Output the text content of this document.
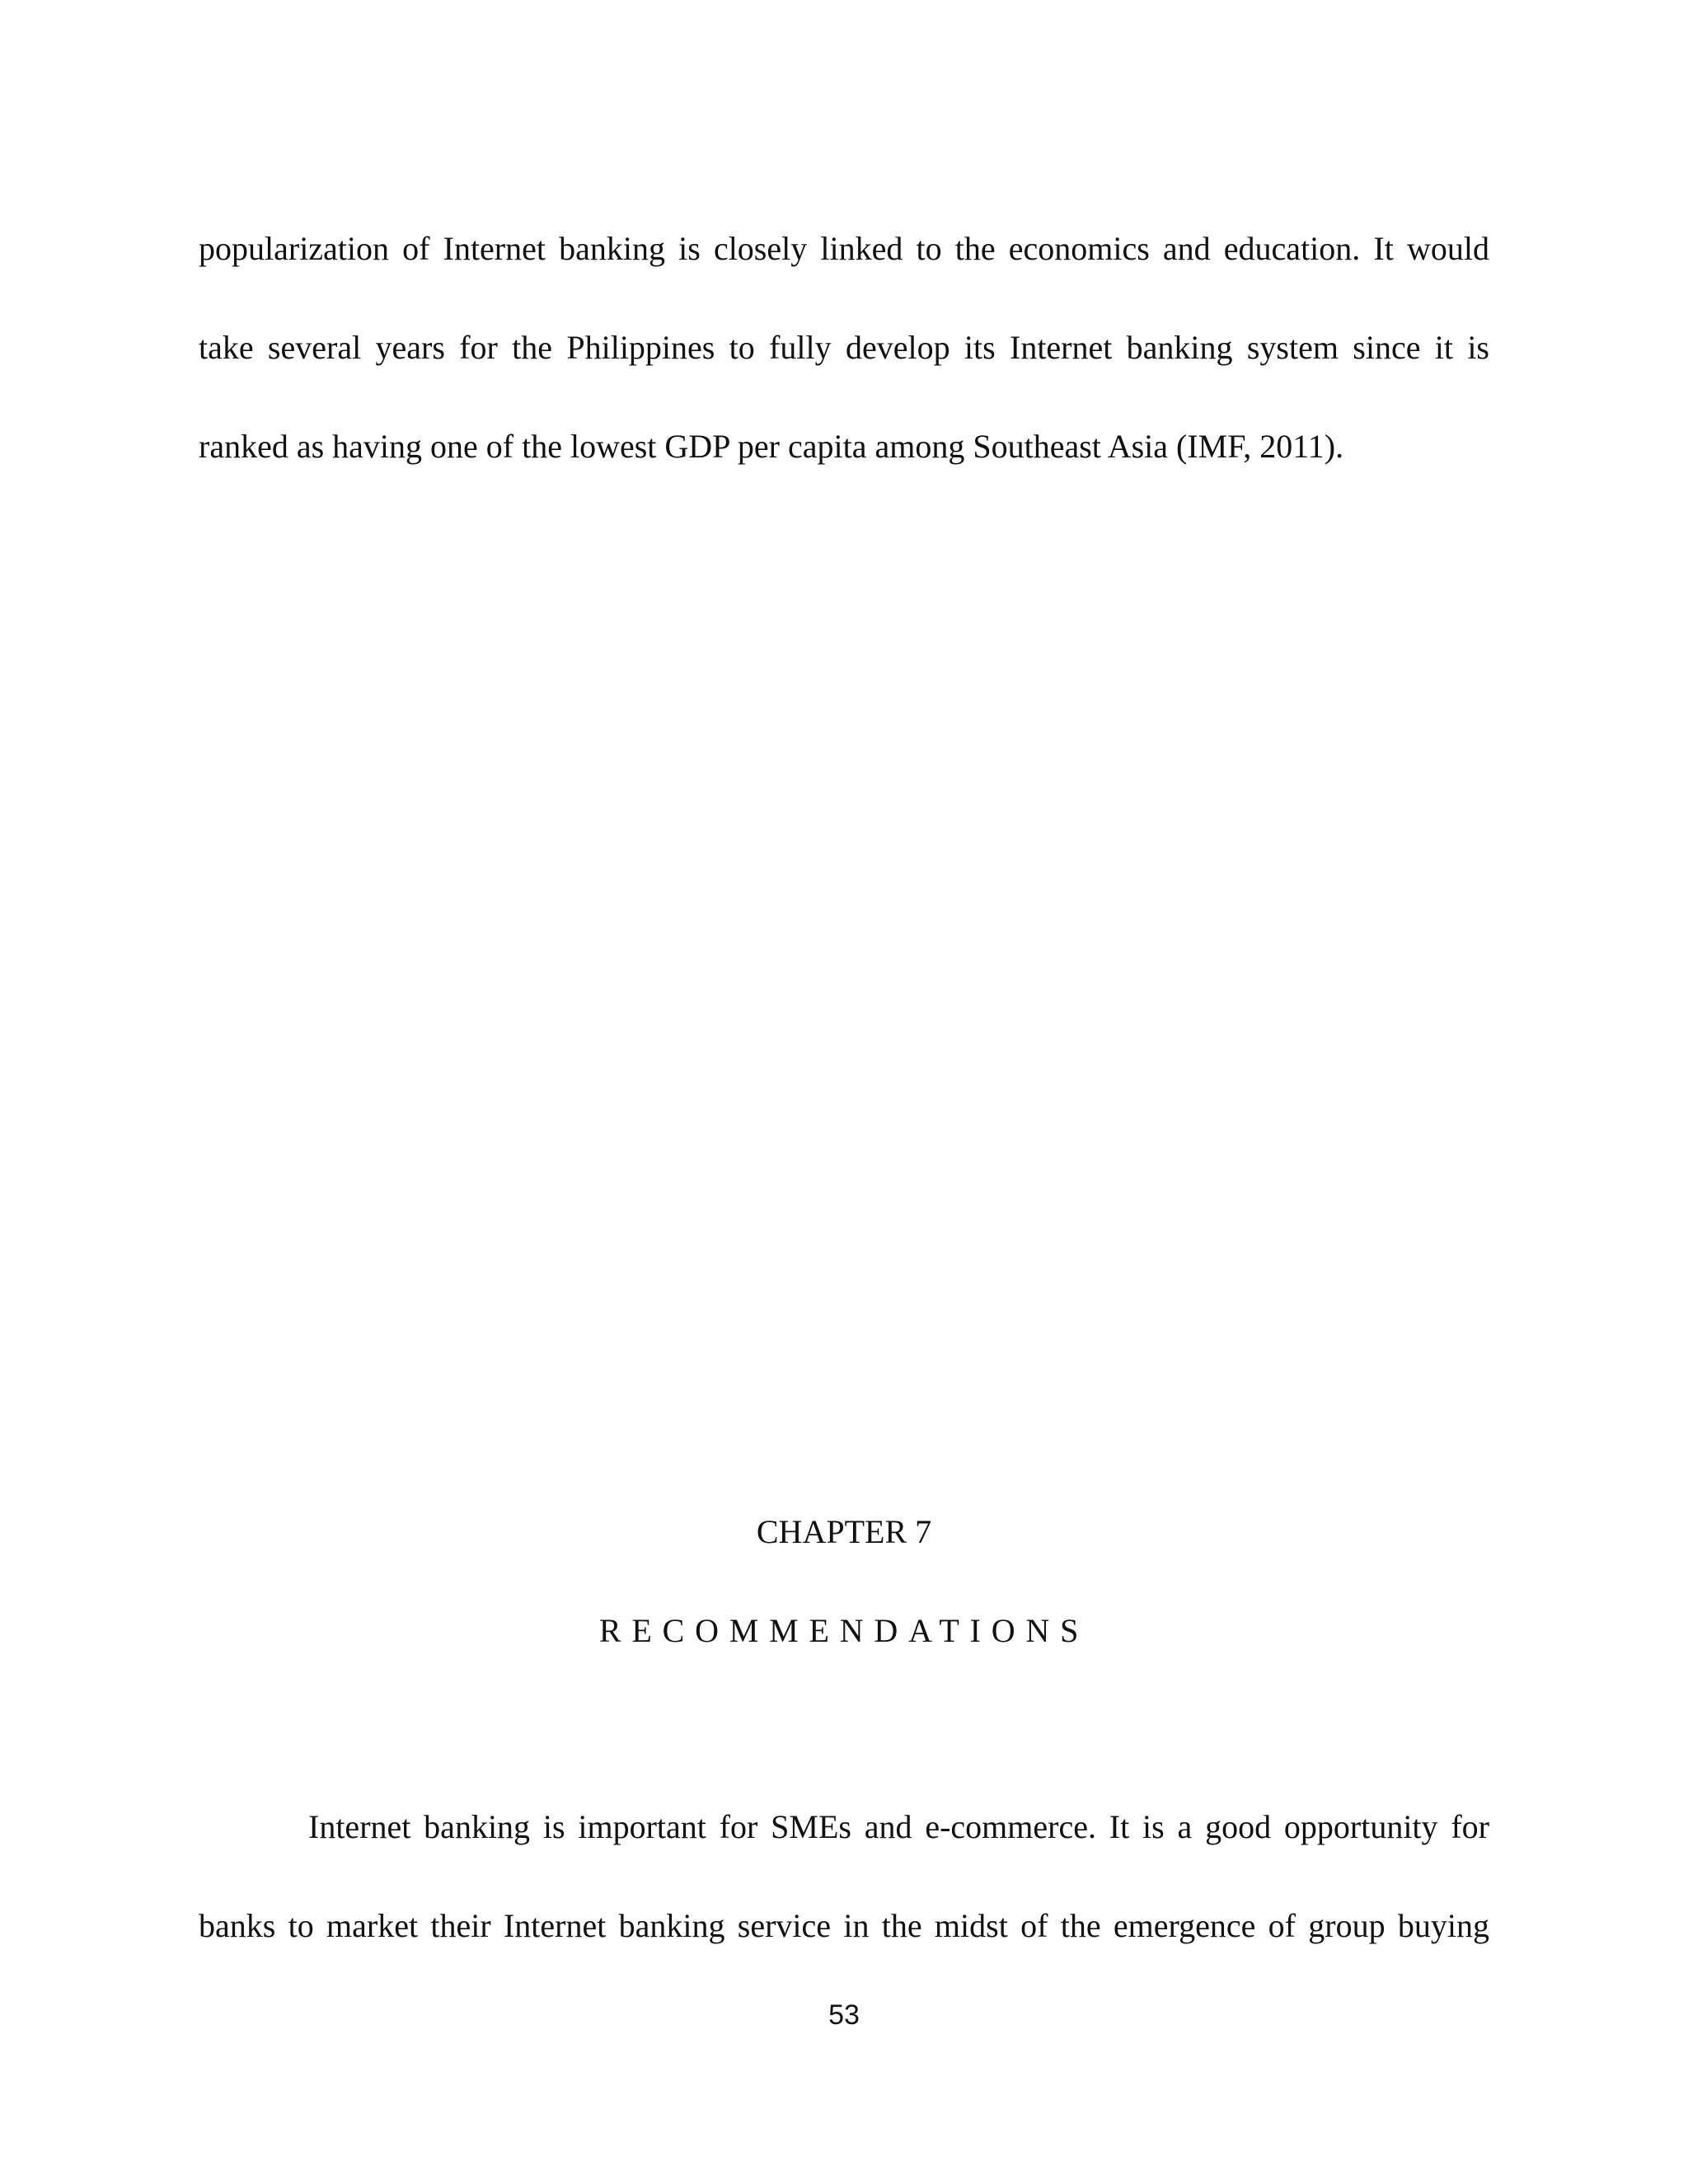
popularization of Internet banking is closely linked to the economics and education. It would
take several years for the Philippines to fully develop its Internet banking system since it is
ranked as having one of the lowest GDP per capita among Southeast Asia (IMF, 2011).
CHAPTER 7
RECOMMENDATIONS
Internet banking is important for SMEs and e-commerce. It is a good opportunity for
banks to market their Internet banking service in the midst of the emergence of group buying
53
